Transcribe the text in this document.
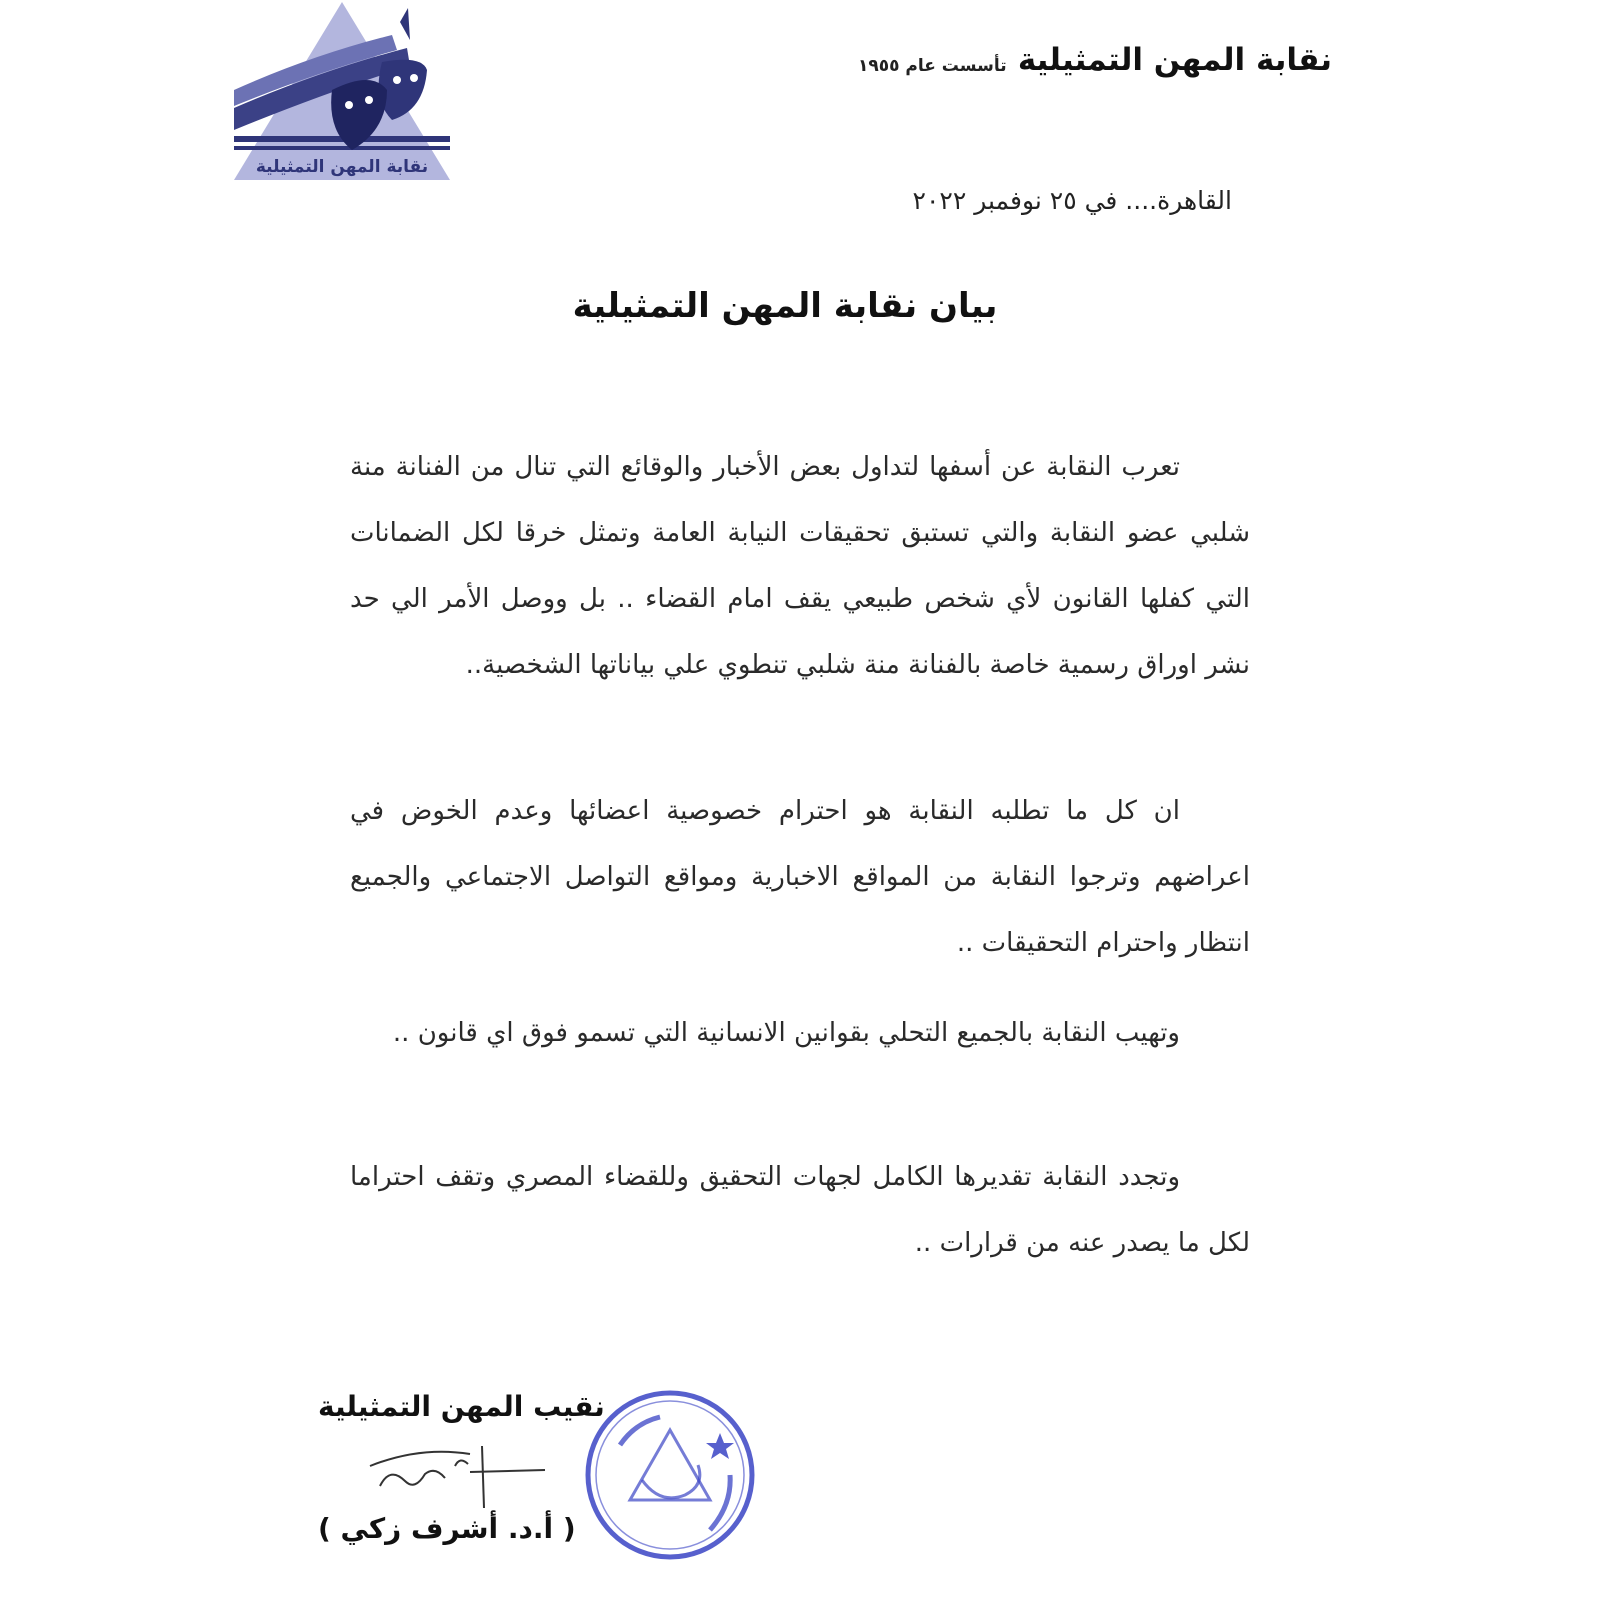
نقابة المهن التمثيلية
نقابة المهن التمثيلية
تأسست عام ١٩٥٥
القاهرة.... في ٢٥ نوفمبر ٢٠٢٢
بيان نقابة المهن التمثيلية

تعرب النقابة عن أسفها لتداول بعض الأخبار والوقائع التي تنال من الفنانة منة شلبي عضو النقابة والتي تستبق تحقيقات النيابة العامة وتمثل خرقا لكل الضمانات التي كفلها القانون لأي شخص طبيعي يقف امام القضاء .. بل ووصل الأمر الي حد نشر اوراق رسمية خاصة بالفنانة منة شلبي تنطوي علي بياناتها الشخصية..

ان كل ما تطلبه النقابة هو احترام خصوصية اعضائها وعدم الخوض في اعراضهم وترجوا النقابة من المواقع الاخبارية ومواقع التواصل الاجتماعي والجميع انتظار واحترام التحقيقات ..

وتهيب النقابة بالجميع التحلي بقوانين الانسانية التي تسمو فوق اي قانون ..

وتجدد النقابة تقديرها الكامل لجهات التحقيق وللقضاء المصري وتقف احتراما لكل ما يصدر عنه من قرارات ..

نقيب المهن التمثيلية
( أ.د. أشرف زكي )
